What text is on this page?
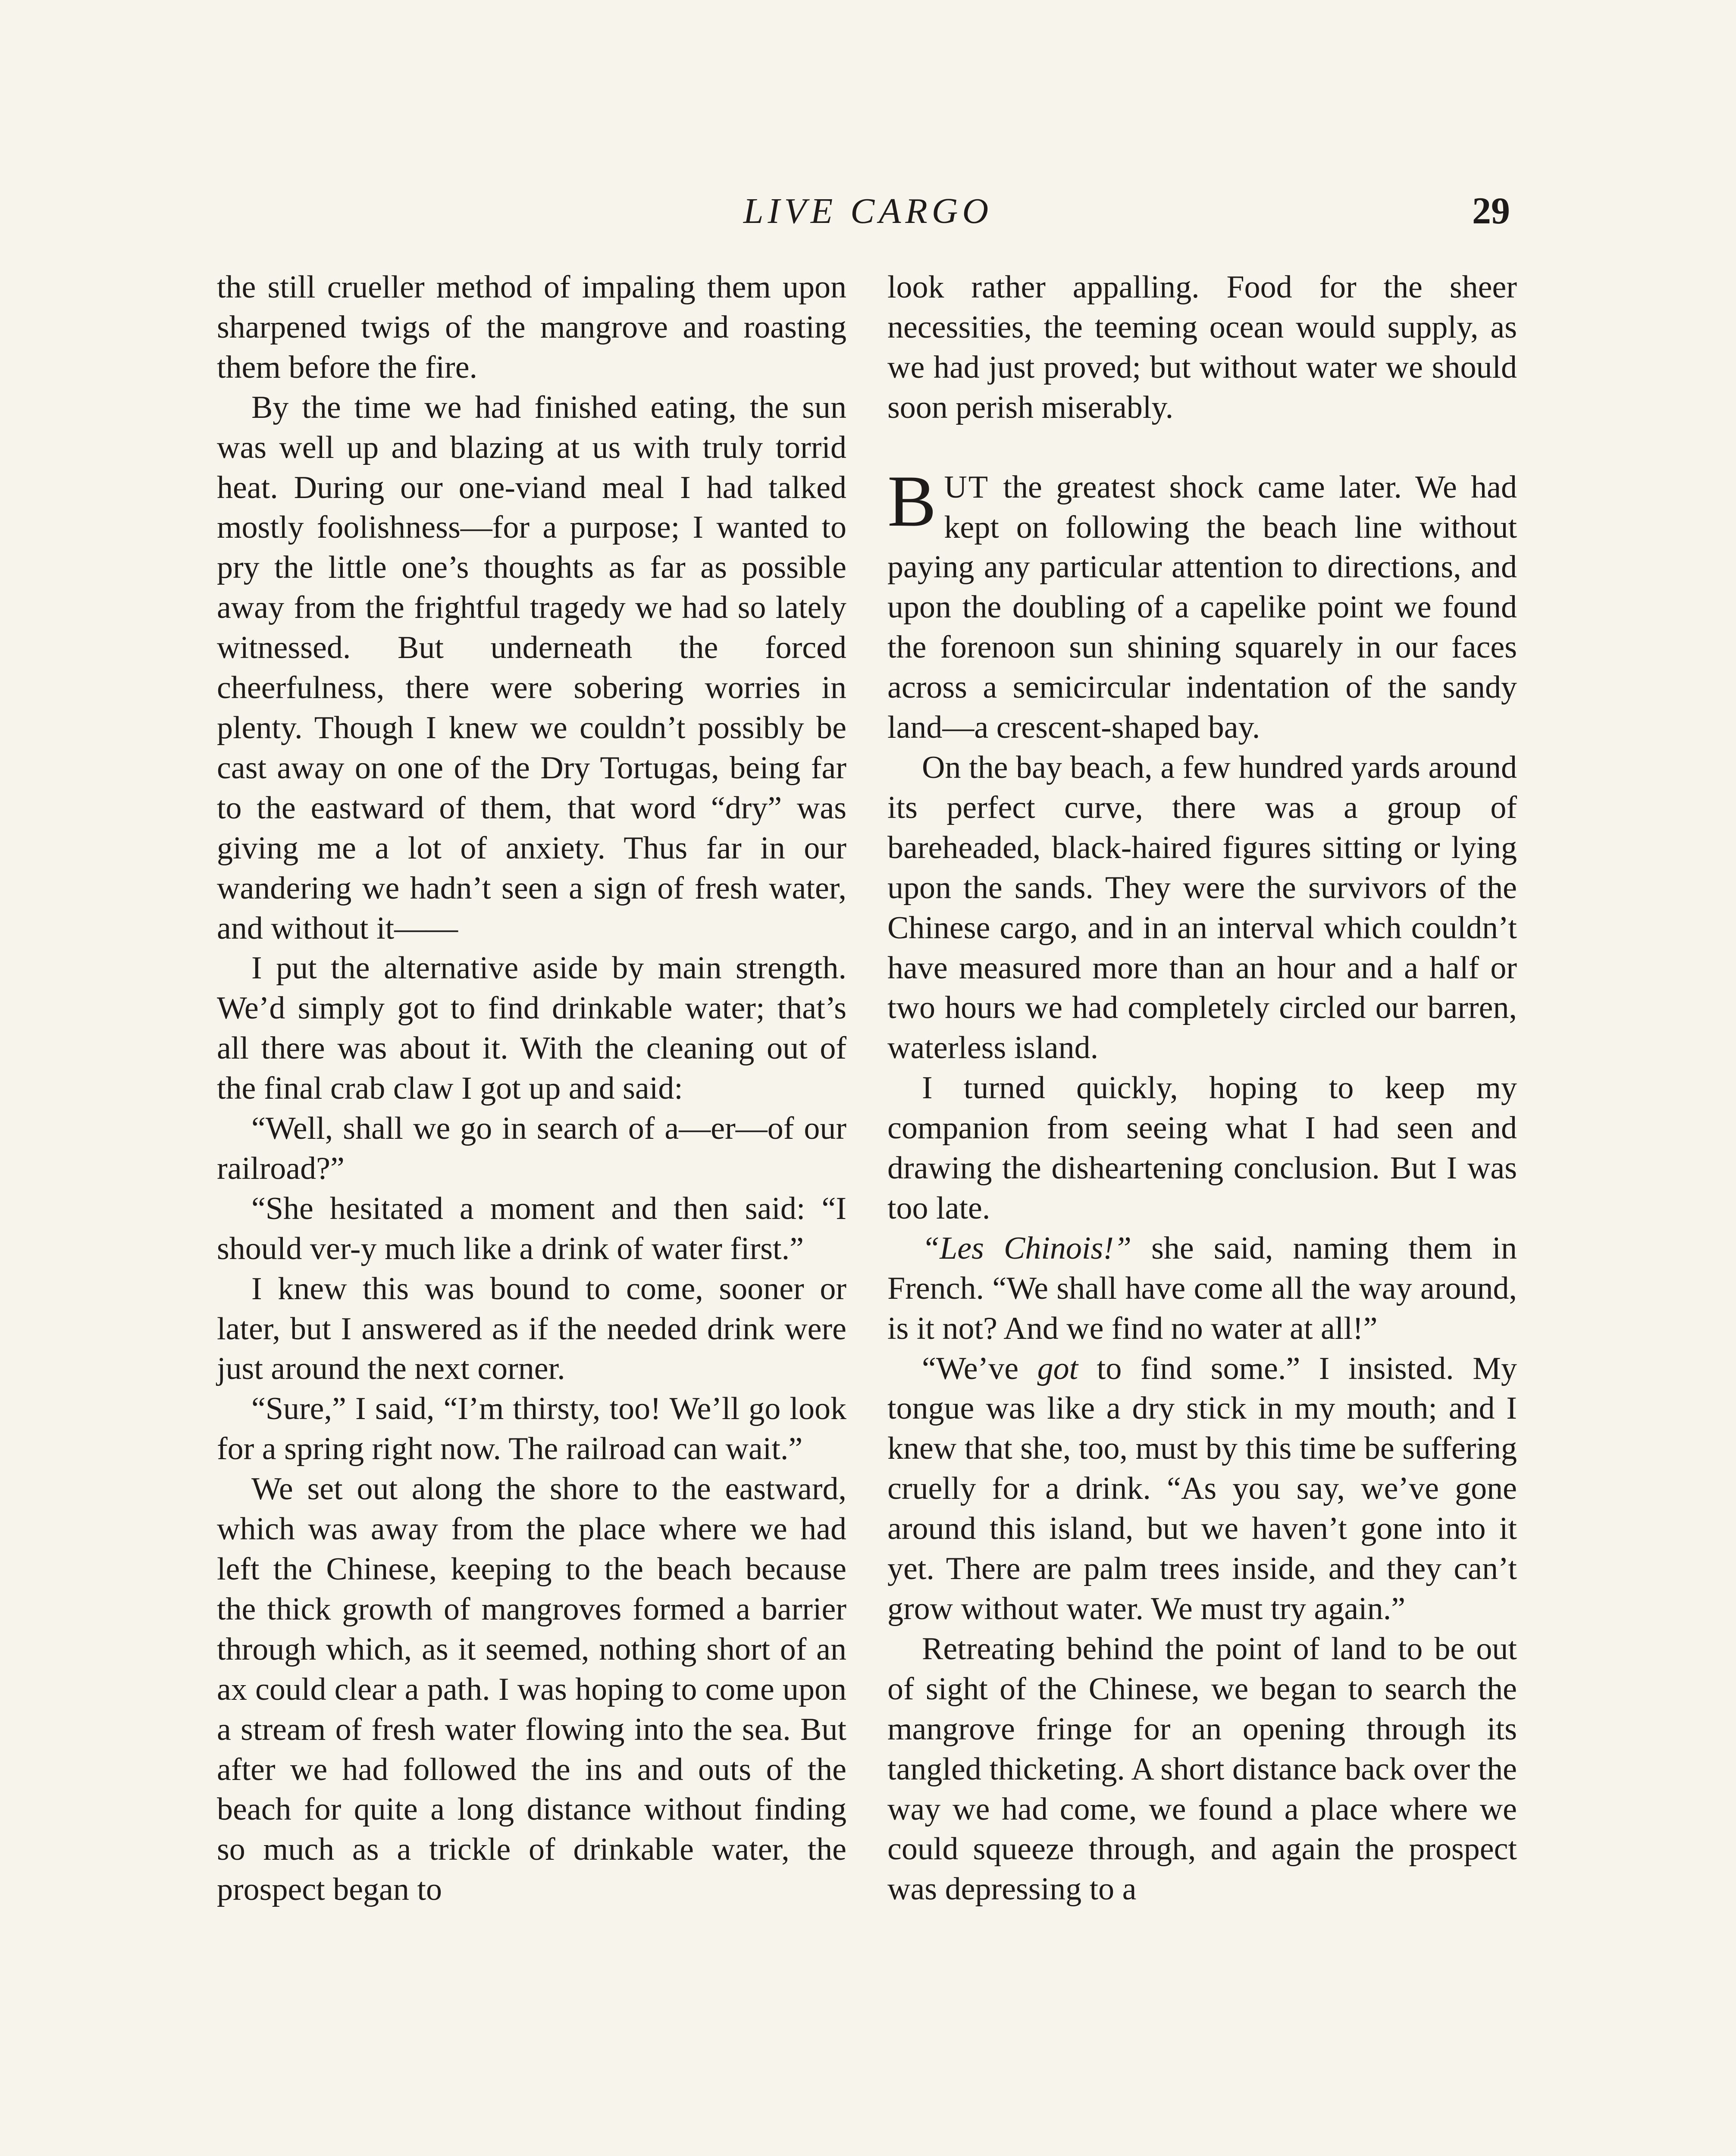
LIVE CARGO	29

the still crueller method of impaling them upon sharpened twigs of the mangrove and roasting them before the fire.

By the time we had finished eating, the sun was well up and blazing at us with truly torrid heat. During our one-viand meal I had talked mostly foolishness—for a purpose; I wanted to pry the little one’s thoughts as far as possible away from the frightful tragedy we had so lately witnessed. But underneath the forced cheerfulness, there were sobering worries in plenty. Though I knew we couldn’t possibly be cast away on one of the Dry Tortugas, being far to the eastward of them, that word “dry” was giving me a lot of anxiety. Thus far in our wandering we hadn’t seen a sign of fresh water, and without it——

I put the alternative aside by main strength. We’d simply got to find drinkable water; that’s all there was about it. With the cleaning out of the final crab claw I got up and said:

“Well, shall we go in search of a—er—of our railroad?”

“She hesitated a moment and then said: “I should ver-y much like a drink of water first.”

I knew this was bound to come, sooner or later, but I answered as if the needed drink were just around the next corner.

“Sure,” I said, “I’m thirsty, too! We’ll go look for a spring right now. The railroad can wait.”

We set out along the shore to the eastward, which was away from the place where we had left the Chinese, keeping to the beach because the thick growth of mangroves formed a barrier through which, as it seemed, nothing short of an ax could clear a path. I was hoping to come upon a stream of fresh water flowing into the sea. But after we had followed the ins and outs of the beach for quite a long distance without finding so much as a trickle of drinkable water, the prospect began to

look rather appalling. Food for the sheer necessities, the teeming ocean would supply, as we had just proved; but without water we should soon perish miserably.

BUT the greatest shock came later. We had kept on following the beach line without paying any particular attention to directions, and upon the doubling of a capelike point we found the forenoon sun shining squarely in our faces across a semicircular indentation of the sandy land—a crescent-shaped bay.

On the bay beach, a few hundred yards around its perfect curve, there was a group of bareheaded, black-haired figures sitting or lying upon the sands. They were the survivors of the Chinese cargo, and in an interval which couldn’t have measured more than an hour and a half or two hours we had completely circled our barren, waterless island.

I turned quickly, hoping to keep my companion from seeing what I had seen and drawing the disheartening conclusion. But I was too late.

“Les Chinois!” she said, naming them in French. “We shall have come all the way around, is it not? And we find no water at all!”

“We’ve got to find some.” I insisted. My tongue was like a dry stick in my mouth; and I knew that she, too, must by this time be suffering cruelly for a drink. “As you say, we’ve gone around this island, but we haven’t gone into it yet. There are palm trees inside, and they can’t grow without water. We must try again.”

Retreating behind the point of land to be out of sight of the Chinese, we began to search the mangrove fringe for an opening through its tangled thicketing. A short distance back over the way we had come, we found a place where we could squeeze through, and again the prospect was depressing to a
